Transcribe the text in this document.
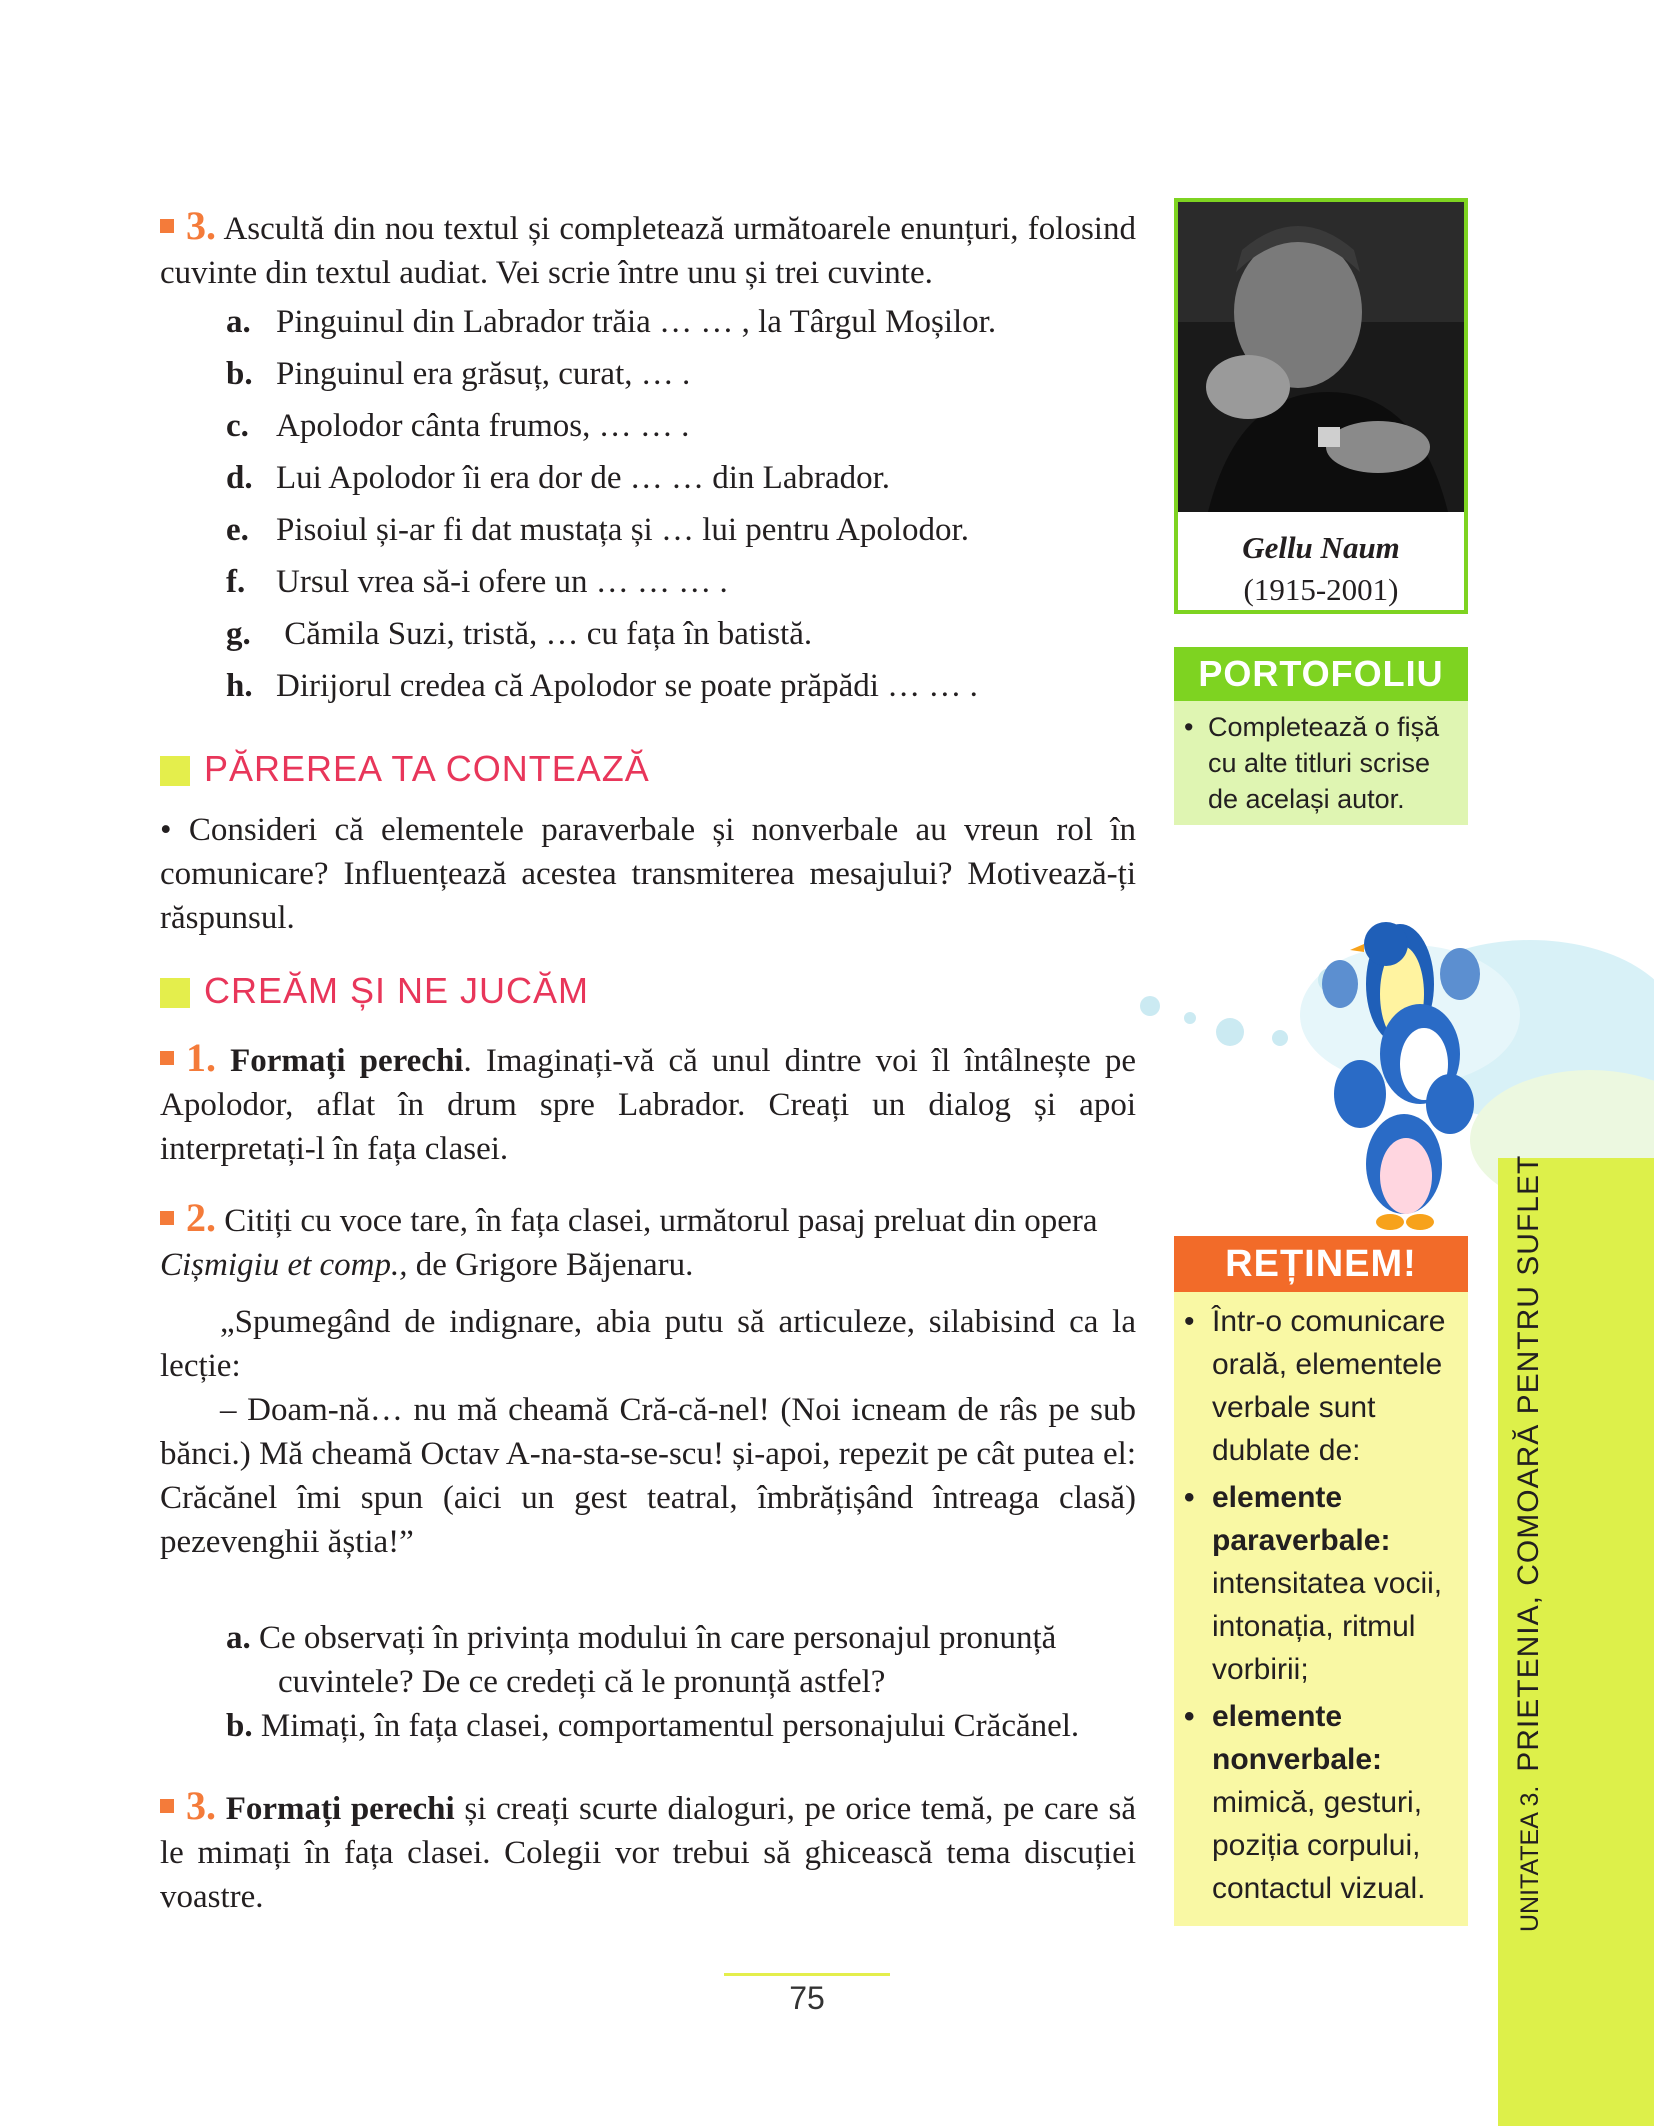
3. Ascultă din nou textul și completează următoarele enunțuri, folosind cuvinte din textul audiat. Vei scrie între unu și trei cuvinte.
a. Pinguinul din Labrador trăia … … , la Târgul Moșilor.
b. Pinguinul era grăsuț, curat, … .
c. Apolodor cânta frumos, … … .
d. Lui Apolodor îi era dor de … … din Labrador.
e. Pisoiul și-ar fi dat mustața și … lui pentru Apolodor.
f. Ursul vrea să-i ofere un … … … .
g. Cămila Suzi, tristă, … cu fața în batistă.
h. Dirijorul credea că Apolodor se poate prăpădi … … .
PĂREREA TA CONTEAZĂ
• Consideri că elementele paraverbale și nonverbale au vreun rol în comunicare? Influențează acestea transmiterea mesajului? Motivează-ți răspunsul.
CREĂM ȘI NE JUCĂM
1. Formați perechi. Imaginați-vă că unul dintre voi îl întâlnește pe Apolodor, aflat în drum spre Labrador. Creați un dialog și apoi interpretați-l în fața clasei.
2. Citiți cu voce tare, în fața clasei, următorul pasaj preluat din opera
Cișmigiu et comp., de Grigore Băjenaru.
„Spumegând de indignare, abia putu să articuleze, silabisind ca la lecție:
– Doam-nă… nu mă cheamă Cră-că-nel! (Noi icneam de râs pe sub bănci.) Mă cheamă Octav A-na-sta-se-scu! și-apoi, repezit pe cât putea el: Crăcănel îmi spun (aici un gest teatral, îmbrățișând întreaga clasă) pezevenghii ăștia!”
a. Ce observați în privința modului în care personajul pronunță
cuvintele? De ce credeți că le pronunță astfel?
b. Mimați, în fața clasei, comportamentul personajului Crăcănel.
3. Formați perechi și creați scurte dialoguri, pe orice temă, pe care să le mimați în fața clasei. Colegii vor trebui să ghicească tema discuției voastre.
Gellu Naum
(1915-2001)
PORTOFOLIU
• Completează o fișă cu alte titluri scrise de același autor.
REȚINEM!
• Într-o comunicare orală, elementele verbale sunt dublate de:
• elemente paraverbale:
intensitatea vocii, intonația, ritmul vorbirii;
• elemente nonverbale:
mimică, gesturi, poziția corpului, contactul vizual.	UNITATEA 3.  PRIETENIA, COMOARĂ PENTRU SUFLET
75
